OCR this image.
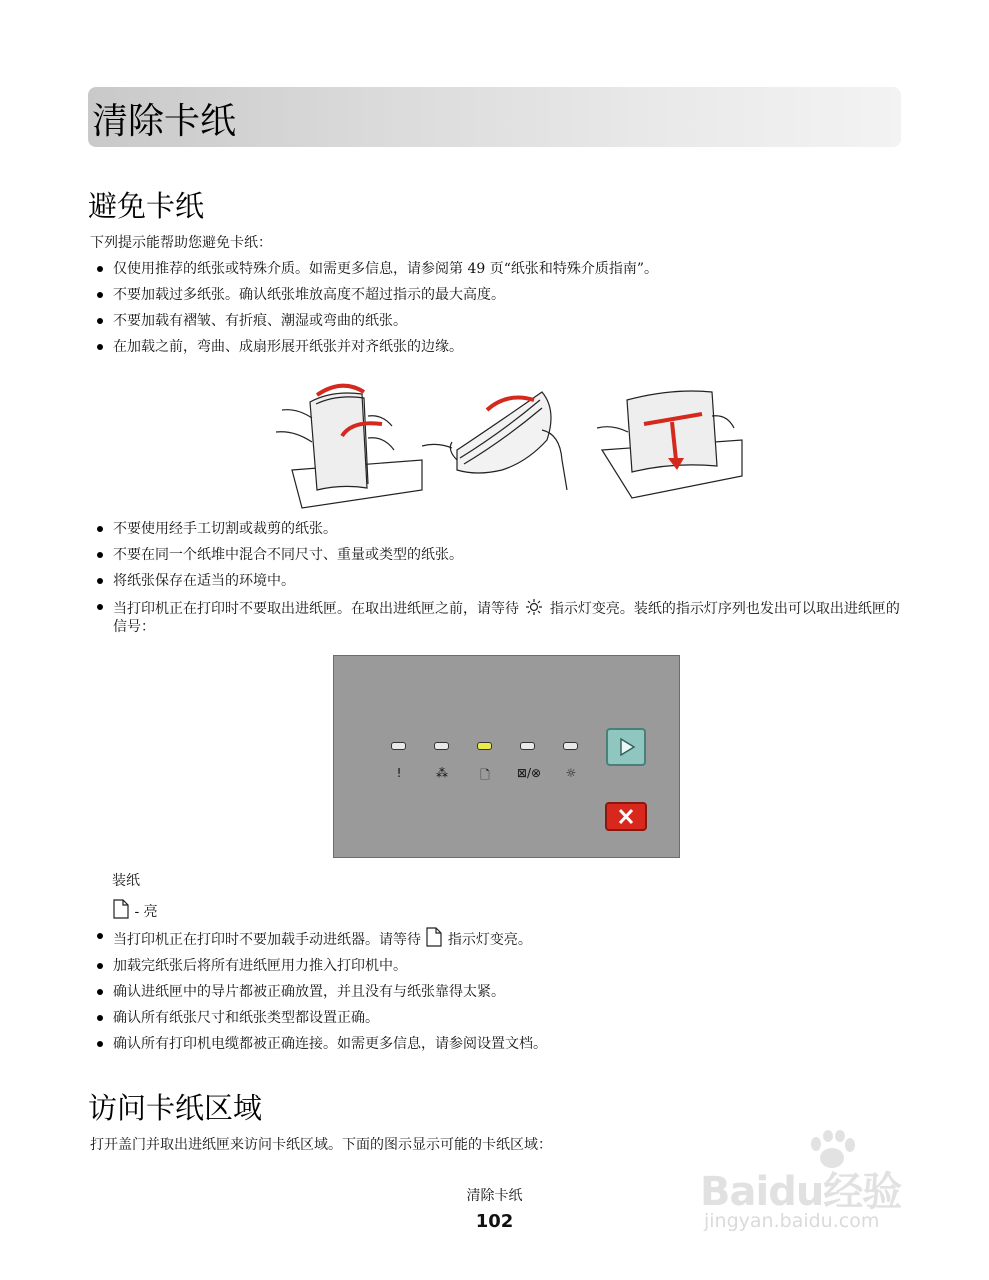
清除卡纸
避免卡纸

下列提示能帮助您避免卡纸：

仅使用推荐的纸张或特殊介质。如需更多信息，请参阅第 49 页“纸张和特殊介质指南”。
不要加载过多纸张。确认纸张堆放高度不超过指示的最大高度。
不要加载有褶皱、有折痕、潮湿或弯曲的纸张。
在加载之前，弯曲、成扇形展开纸张并对齐纸张的边缘。
不要使用经手工切割或裁剪的纸张。
不要在同一个纸堆中混合不同尺寸、重量或类型的纸张。
将纸张保存在适当的环境中。
当打印机正在打印时不要取出进纸匣。在取出进纸匣之前，请等待 指示灯变亮。装纸的指示灯序列也发出可以取出进纸匣的信号：
!	⁂	🗋	⊠/⊗	☼

装纸

- 亮

当打印机正在打印时不要加载手动进纸器。请等待 指示灯变亮。
加载完纸张后将所有进纸匣用力推入打印机中。
确认进纸匣中的导片都被正确放置，并且没有与纸张靠得太紧。
确认所有纸张尺寸和纸张类型都设置正确。
确认所有打印机电缆都被正确连接。如需更多信息，请参阅设置文档。
访问卡纸区域

打开盖门并取出进纸匣来访问卡纸区域。下面的图示显示可能的卡纸区域：

清除卡纸

102

Baidu经验
jingyan.baidu.com
